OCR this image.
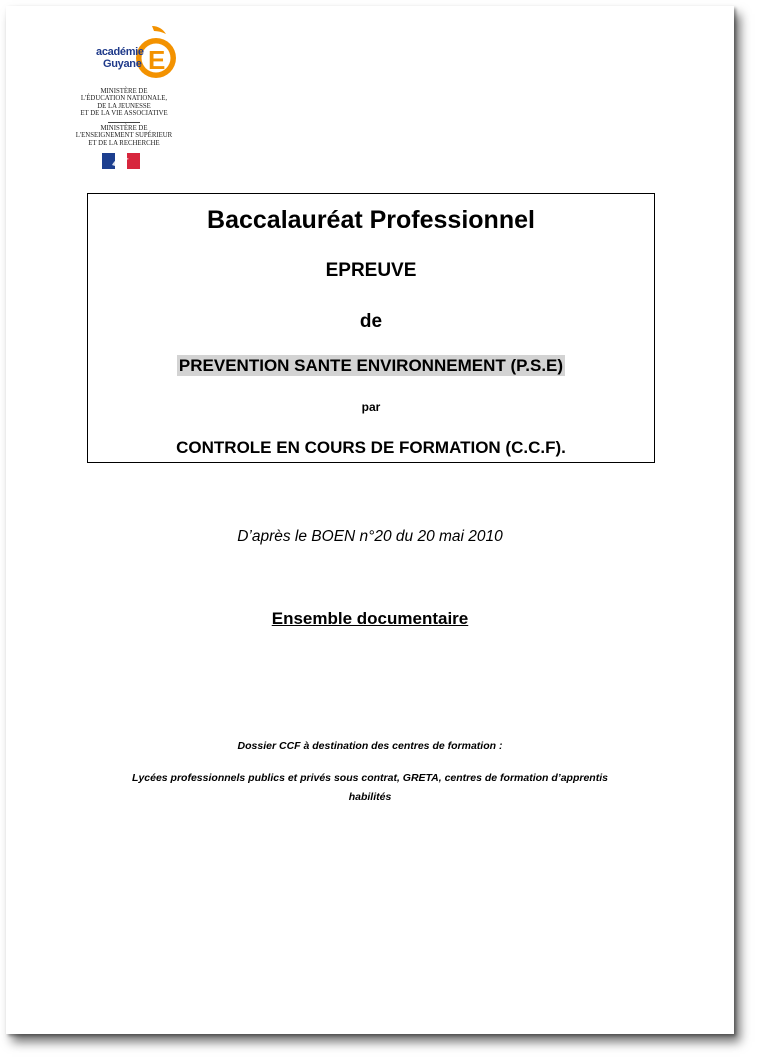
E
académie
Guyane
MINISTÈRE DE
L'ÉDUCATION NATIONALE,
DE LA JEUNESSE
ET DE LA VIE ASSOCIATIVE
MINISTÈRE DE
L'ENSEIGNEMENT SUPÉRIEUR
ET DE LA RECHERCHE
Baccalauréat Professionnel
EPREUVE
de
PREVENTION SANTE ENVIRONNEMENT (P.S.E)
par
CONTROLE EN COURS DE FORMATION (C.C.F).
D’après le BOEN n°20 du 20 mai 2010
Ensemble documentaire
Dossier CCF à destination des centres de formation :
Lycées professionnels publics et privés sous contrat, GRETA, centres de formation d’apprentis
habilités
